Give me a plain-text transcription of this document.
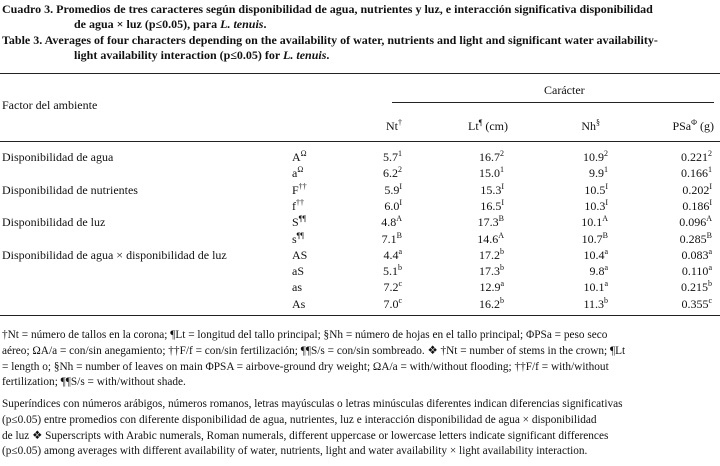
Cuadro 3. Promedios de tres caracteres según disponibilidad de agua, nutrientes y luz, e interacción significativa disponibilidad
de agua × luz (p≤0.05), para L. tenuis.
Table 3. Averages of four characters depending on the availability of water, nutrients and light and significant water availability-
light availability interaction (p≤0.05) for L. tenuis.
Factor del ambiente
Carácter
Nt†	Lt¶ (cm)	Nh§	PSa$^\Phi$ (g)
Disponibilidad de agua	$A^\Omega$	$5.7^1$	16.7$^2$	10.9$^2$	0.221$^2$
$a^\Omega$	$6.2^2$	15.0$^1$	$9.9^1$	0.166$^1$
Disponibilidad de nutrientes	F††	$5.9^I$	$15.3^I$	$10.5^I$	$0.202^I$
f††	$6.0^I$	$16.5^I$	$10.3^I$	$0.186^I$
Disponibilidad de luz	S¶¶	$4.8^A$	$17.3^B$	$10.1^A$	$0.096^A$
s¶¶	$7.1^B$	$14.6^A$	$10.7^B$	$0.285^B$
Disponibilidad de agua × disponibilidad de luz	AS	4.4$^a$	17.2$^b$	10.4$^a$	0.083$^a$
aS	5.1$^b$	17.3$^b$	9.8$^a$	0.110$^a$
as	7.2$^c$	12.9$^a$	10.1$^a$	0.215$^b$
As	7.0$^c$	16.2$^b$	11.3$^b$	0.355$^c$
†Nt = número de tallos en la corona; ¶Lt = longitud del tallo principal; §Nh = número de hojas en el tallo principal; ΦPSa = peso seco
aéreo; ΩA/a = con/sin anegamiento; ††F/f = con/sin fertilización; ¶¶S/s = con/sin sombreado. ❖ †Nt = number of stems in the crown; ¶Lt
= length o; §Nh = number of leaves on main ΦPSA = airbove-ground dry weight; ΩA/a = with/without flooding; ††F/f = with/without
fertilization; ¶¶S/s = with/without shade.
Superíndices con números arábigos, números romanos, letras mayúsculas o letras minúsculas diferentes indican diferencias significativas
(p≤0.05) entre promedios con diferente disponibilidad de agua, nutrientes, luz e interacción disponibilidad de agua × disponibilidad
de luz ❖ Superscripts with Arabic numerals, Roman numerals, different uppercase or lowercase letters indicate significant differences
(p≤0.05) among averages with different availability of water, nutrients, light and water availability × light availability interaction.
